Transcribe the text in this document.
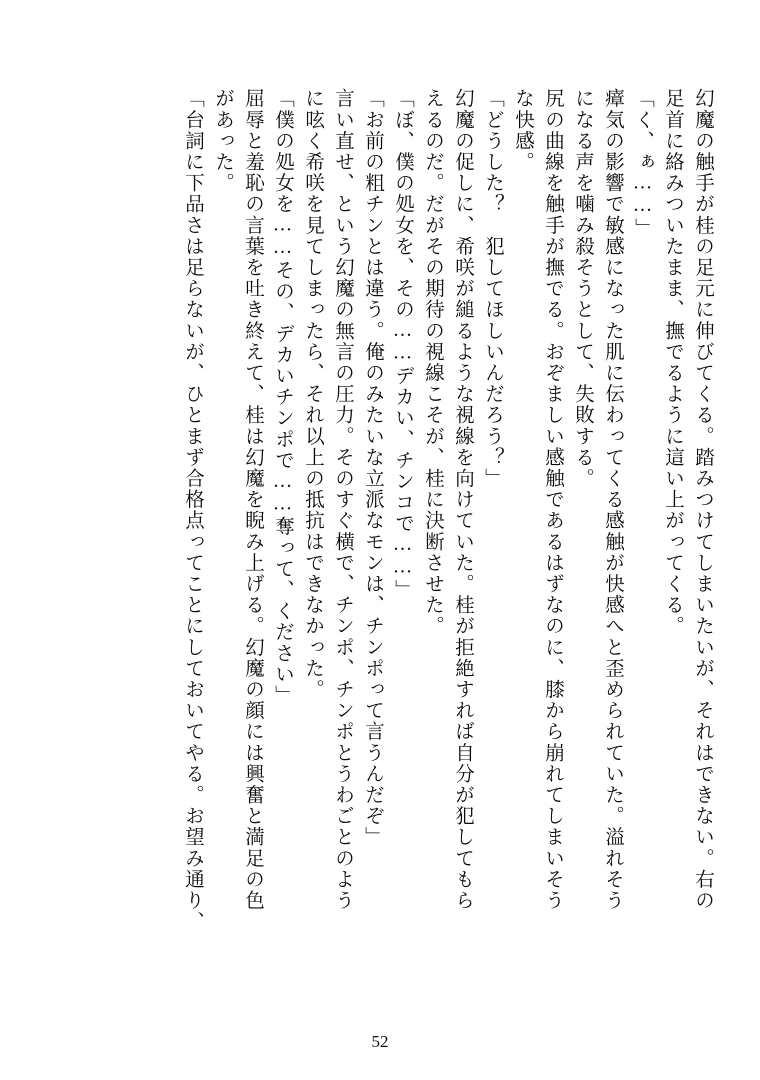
幻魔の触手が桂の足元に伸びてくる。踏みつけてしまいたいが、それはできない。右の
足首に絡みついたまま、撫でるように這い上がってくる。
「く、ぁ……」
瘴気の影響で敏感になった肌に伝わってくる感触が快感へと歪められていた。溢れそう
になる声を噛み殺そうとして、失敗する。
尻の曲線を触手が撫でる。おぞましい感触であるはずなのに、膝から崩れてしまいそう
な快感。
「どうした？　犯してほしいんだろう？」
幻魔の促しに、希咲が縋るような視線を向けていた。桂が拒絶すれば自分が犯してもら
えるのだ。だがその期待の視線こそが、桂に決断させた。
「ぼ、僕の処女を、その……デカい、チンコで……」
「お前の粗チンとは違う。俺のみたいな立派なモンは、チンポって言うんだぞ」
言い直せ、という幻魔の無言の圧力。そのすぐ横で、チンポ、チンポとうわごとのよう
に呟く希咲を見てしまったら、それ以上の抵抗はできなかった。
「僕の処女を……その、デカいチンポで……奪って、ください」
屈辱と羞恥の言葉を吐き終えて、桂は幻魔を睨み上げる。幻魔の顔には興奮と満足の色
があった。
「台詞に下品さは足らないが、ひとまず合格点ってことにしておいてやる。お望み通り、
52
